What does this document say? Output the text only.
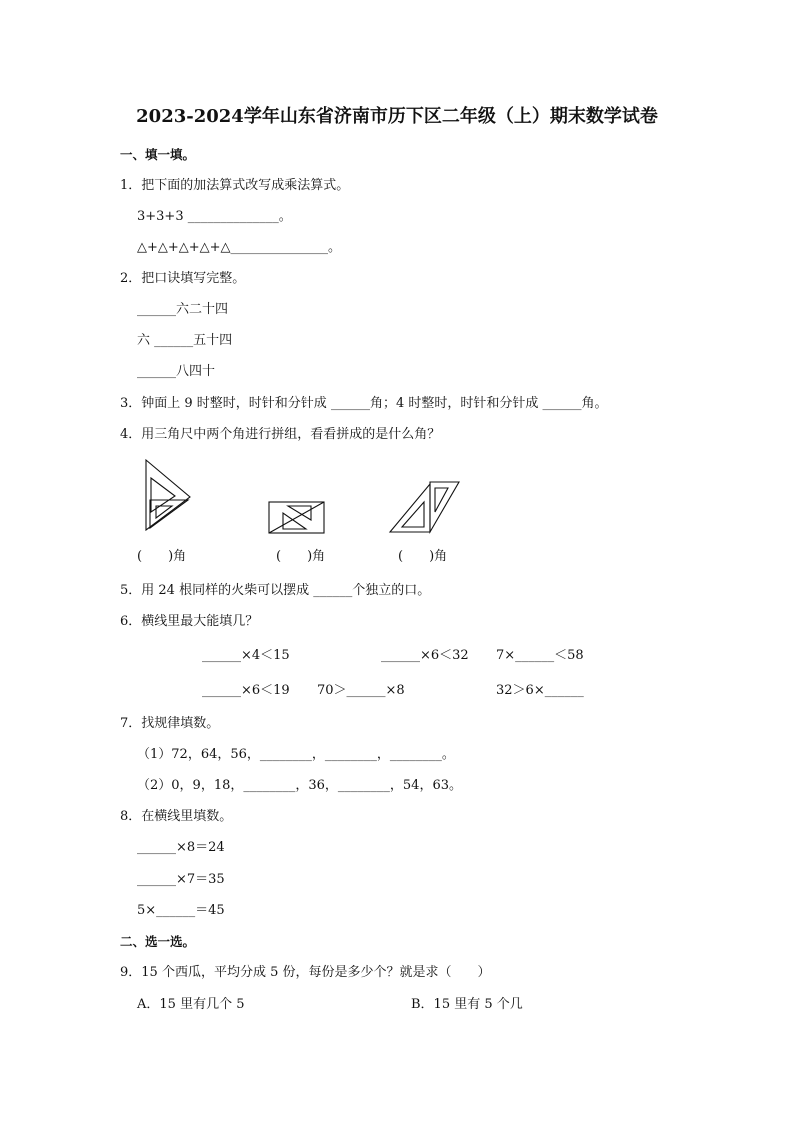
2023-2024学年山东省济南市历下区二年级（上）期末数学试卷
一、填一填。
1．把下面的加法算式改写成乘法算式。
3+3+3 ______________。
△+△+△+△+△_______________。
2．把口诀填写完整。
______六二十四
六 ______五十四
______八四十
3．钟面上 9 时整时，时针和分针成 ______角；4 时整时，时针和分针成 ______角。
4．用三角尺中两个角进行拼组，看看拼成的是什么角？
(　　)角	(　　)角	(　　)角
5．用 24 根同样的火柴可以摆成 ______个独立的口。
6．横线里最大能填几？
______×4＜15	______×6＜32 7×______＜58
______×6＜19 70＞______×8	32＞6×______
7．找规律填数。
（1）72，64，56，________，________，________。
（2）0，9，18，________，36，________，54，63。
8．在横线里填数。
______×8＝24
______×7＝35
5×______＝45
二、选一选。
9．15 个西瓜，平均分成 5 份，每份是多少个？就是求（　　）
A．15 里有几个 5	B．15 里有 5 个几
